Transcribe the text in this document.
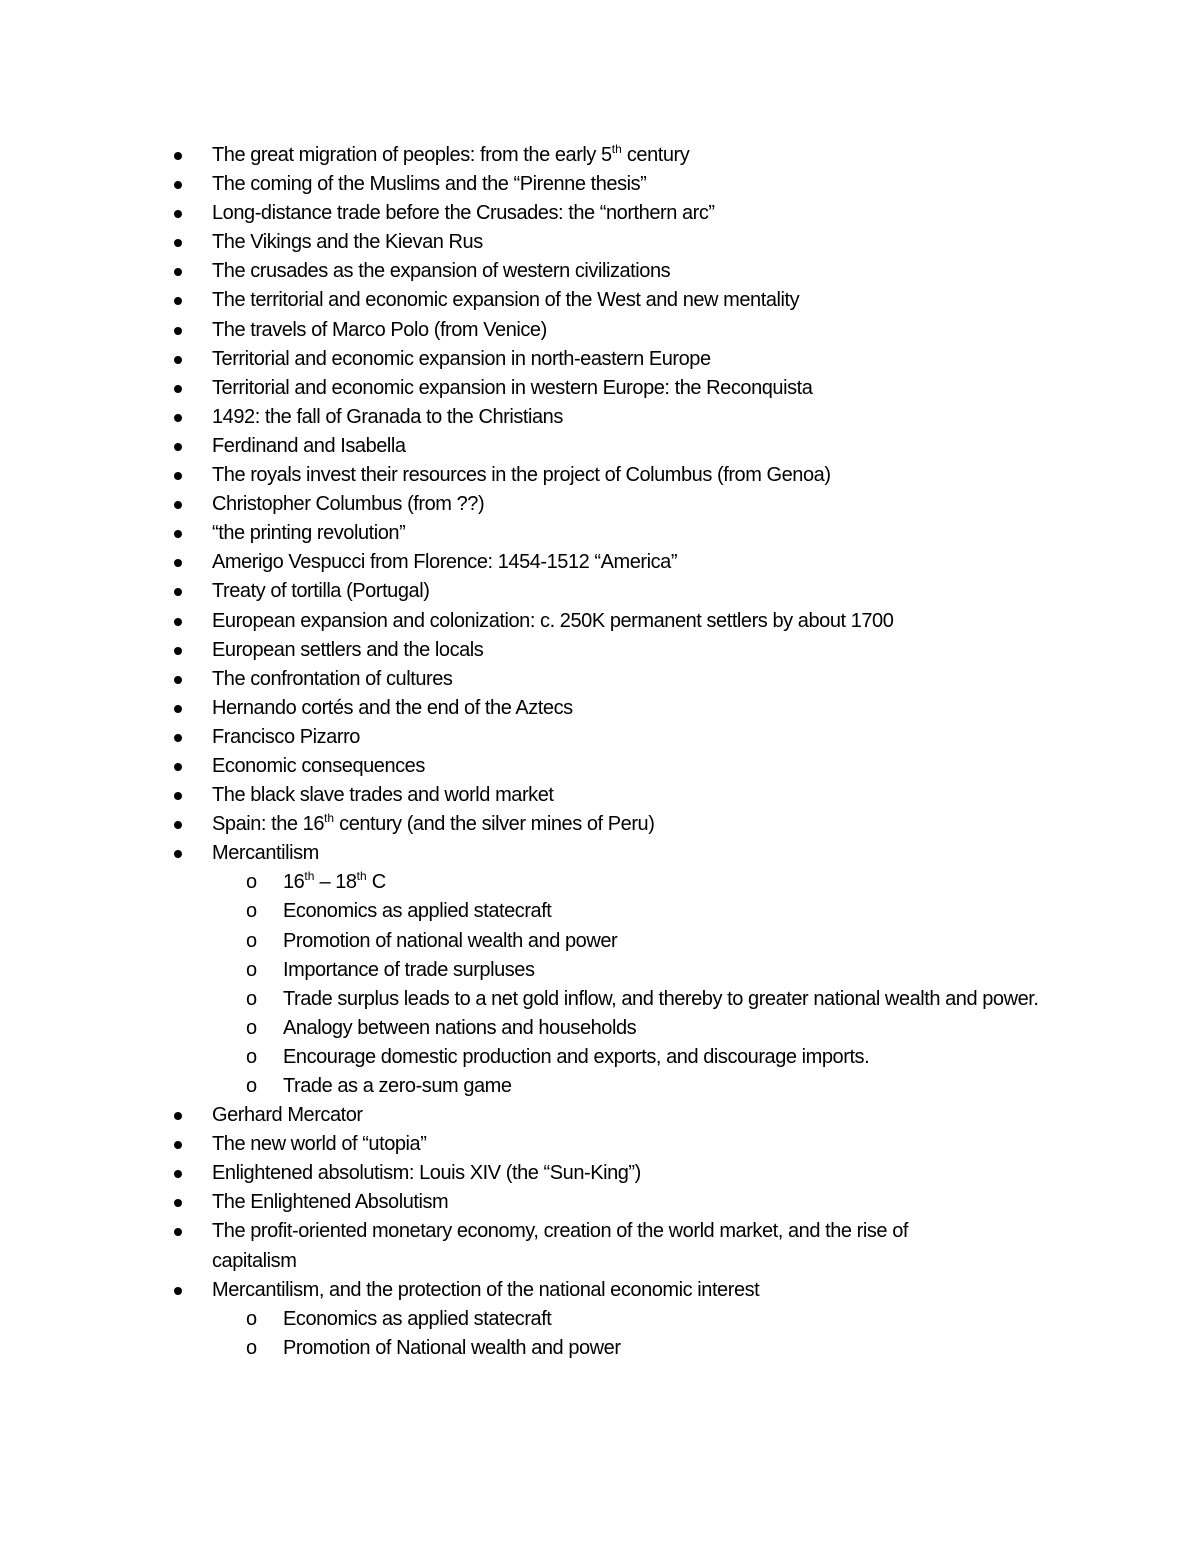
The great migration of peoples: from the early 5th century
The coming of the Muslims and the “Pirenne thesis”
Long-distance trade before the Crusades: the “northern arc”
The Vikings and the Kievan Rus
The crusades as the expansion of western civilizations
The territorial and economic expansion of the West and new mentality
The travels of Marco Polo (from Venice)
Territorial and economic expansion in north-eastern Europe
Territorial and economic expansion in western Europe: the Reconquista
1492: the fall of Granada to the Christians
Ferdinand and Isabella
The royals invest their resources in the project of Columbus (from Genoa)
Christopher Columbus (from ??)
“the printing revolution”
Amerigo Vespucci from Florence: 1454-1512 “America”
Treaty of tortilla (Portugal)
European expansion and colonization: c. 250K permanent settlers by about 1700
European settlers and the locals
The confrontation of cultures
Hernando cortés and the end of the Aztecs
Francisco Pizarro
Economic consequences
The black slave trades and world market
Spain: the 16th century (and the silver mines of Peru)
Mercantilism
o 16th – 18th C
o Economics as applied statecraft
o Promotion of national wealth and power
o Importance of trade surpluses
o Trade surplus leads to a net gold inflow, and thereby to greater national wealth and power.
o Analogy between nations and households
o Encourage domestic production and exports, and discourage imports.
o Trade as a zero-sum game
Gerhard Mercator
The new world of “utopia”
Enlightened absolutism: Louis XIV (the “Sun-King”)
The Enlightened Absolutism
The profit-oriented monetary economy, creation of the world market, and the rise of capitalism
Mercantilism, and the protection of the national economic interest
o Economics as applied statecraft
o Promotion of National wealth and power
